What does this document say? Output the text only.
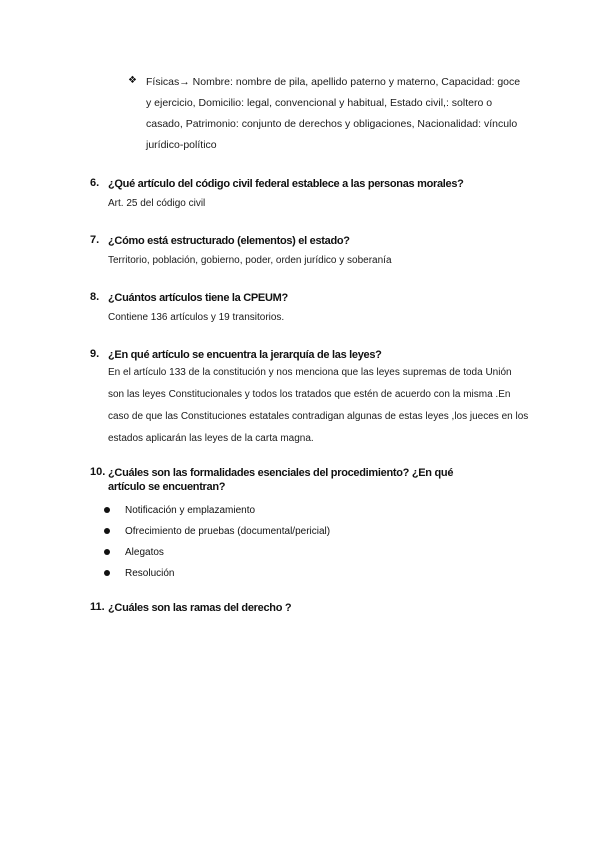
❖ Físicas→ Nombre: nombre de pila, apellido paterno y materno, Capacidad: goce y ejercicio, Domicilio: legal, convencional y habitual, Estado civil,: soltero o casado, Patrimonio: conjunto de derechos y obligaciones, Nacionalidad: vínculo jurídico-político
6. ¿Qué artículo del código civil federal establece a las personas morales?
Art. 25 del código civil
7. ¿Cómo está estructurado (elementos) el estado?
Territorio, población, gobierno, poder, orden jurídico y soberanía
8. ¿Cuántos artículos tiene la CPEUM?
Contiene 136 artículos y 19 transitorios.
9. ¿En qué artículo se encuentra la jerarquía de las leyes?
En el artículo 133 de la constitución y nos menciona que las leyes supremas de toda Unión son las leyes Constitucionales y todos los tratados que estén de acuerdo con la misma .En caso de que las Constituciones estatales contradigan algunas de estas leyes ,los jueces en los estados aplicarán las leyes de la carta magna.
10. ¿Cuáles son las formalidades esenciales del procedimiento? ¿En qué artículo se encuentran?
Notificación y emplazamiento
Ofrecimiento de pruebas (documental/pericial)
Alegatos
Resolución
11. ¿Cuáles son las ramas del derecho ?
